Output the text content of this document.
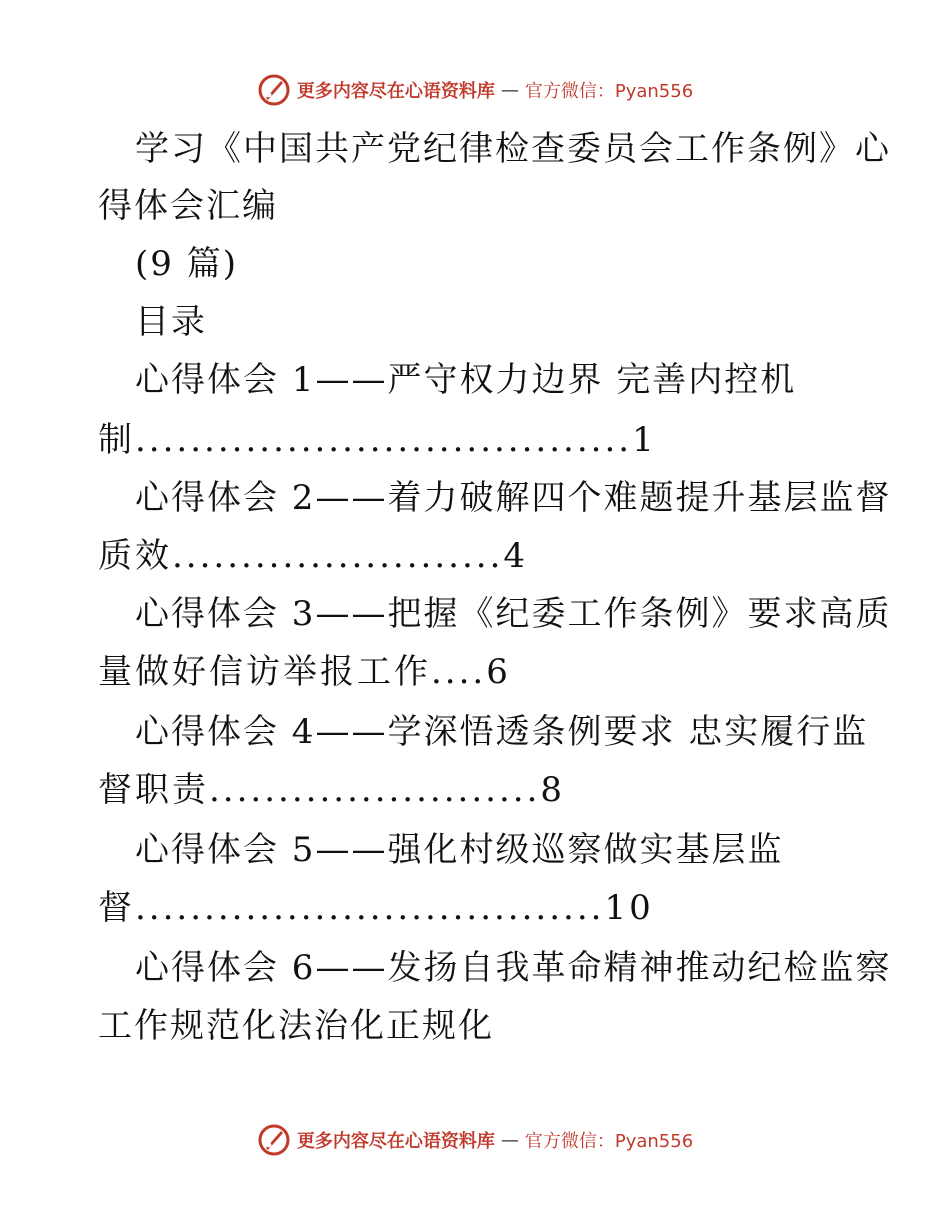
更多内容尽在心语资料库 — 官方微信：Pyan556
学习《中国共产党纪律检查委员会工作条例》心
得体会汇编
(9 篇)
目录
心得体会 1——严守权力边界 完善内控机
制....................................1
心得体会 2——着力破解四个难题提升基层监督
质效........................4
心得体会 3——把握《纪委工作条例》要求高质
量做好信访举报工作....6
心得体会 4——学深悟透条例要求 忠实履行监
督职责........................8
心得体会 5——强化村级巡察做实基层监
督..................................10
心得体会 6——发扬自我革命精神推动纪检监察
工作规范化法治化正规化
更多内容尽在心语资料库 — 官方微信：Pyan556
